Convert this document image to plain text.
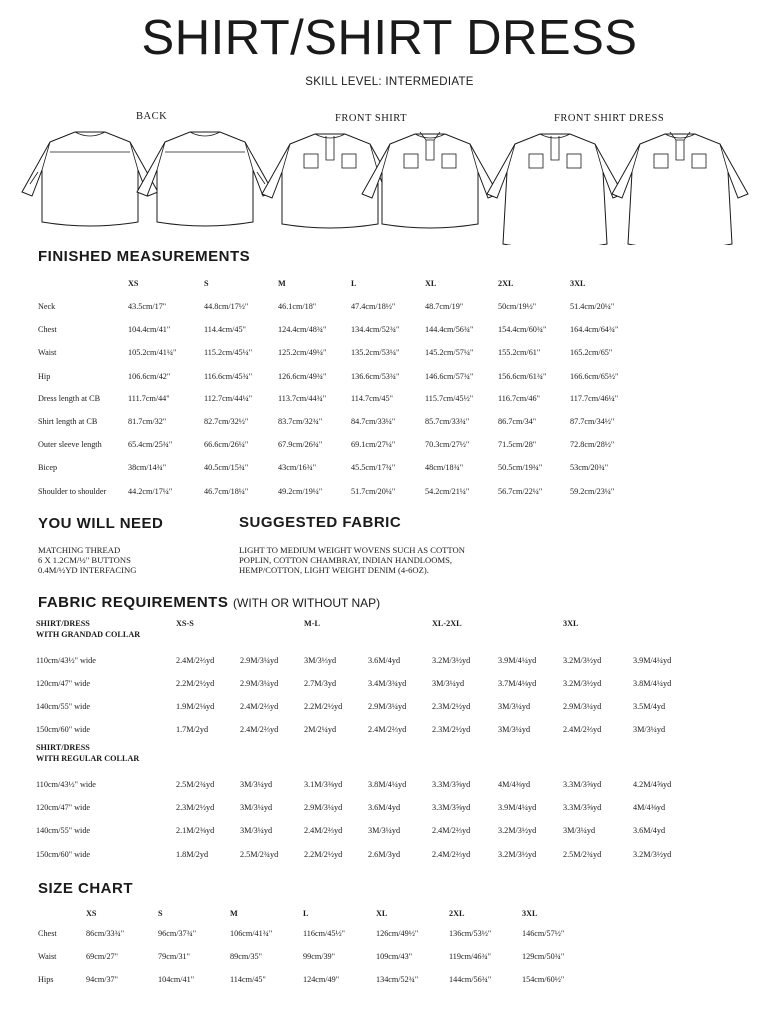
SHIRT/SHIRT DRESS
SKILL LEVEL: INTERMEDIATE
BACK	FRONT SHIRT	FRONT SHIRT DRESS
FINISHED MEASUREMENTS
XS	S	M	L	XL	2XL	3XL
Neck	43.5cm/17"	44.8cm/17½"	46.1cm/18"	47.4cm/18½"	48.7cm/19"	50cm/19½"	51.4cm/20¼"
Chest	104.4cm/41"	114.4cm/45"	124.4cm/48¾"	134.4cm/52¾"	144.4cm/56¾"	154.4cm/60¾"	164.4cm/64¾"
Waist	105.2cm/41¼"	115.2cm/45¼"	125.2cm/49¼"	135.2cm/53¼"	145.2cm/57¼"	155.2cm/61"	165.2cm/65"
Hip	106.6cm/42"	116.6cm/45¾"	126.6cm/49¾"	136.6cm/53¾"	146.6cm/57¾"	156.6cm/61¾"	166.6cm/65½"
Dress length at CB	111.7cm/44"	112.7cm/44¼"	113.7cm/44¾"	114.7cm/45"	115.7cm/45½"	116.7cm/46"	117.7cm/46¼"
Shirt length at CB	81.7cm/32"	82.7cm/32½"	83.7cm/32¾"	84.7cm/33¼"	85.7cm/33¾"	86.7cm/34"	87.7cm/34½"
Outer sleeve length	65.4cm/25¾"	66.6cm/26¼"	67.9cm/26¾"	69.1cm/27¼"	70.3cm/27½"	71.5cm/28"	72.8cm/28½"
Bicep	38cm/14¾"	40.5cm/15¾"	43cm/16¾"	45.5cm/17¾"	48cm/18¾"	50.5cm/19¾"	53cm/20¾"
Shoulder to shoulder	44.2cm/17¼"	46.7cm/18¼"	49.2cm/19¼"	51.7cm/20¼"	54.2cm/21¼"	56.7cm/22¼"	59.2cm/23¼"
YOU WILL NEED
MATCHING THREAD
6 X 1.2CM/½" BUTTONS
0.4M/½YD INTERFACING
SUGGESTED FABRIC
LIGHT TO MEDIUM WEIGHT WOVENS SUCH AS COTTON
POPLIN, COTTON CHAMBRAY, INDIAN HANDLOOMS,
HEMP/COTTON, LIGHT WEIGHT DENIM (4-6OZ).
FABRIC REQUIREMENTS (WITH OR WITHOUT NAP)
XS-S	M-L	XL-2XL	3XL
SHIRT/DRESS
WITH GRANDAD COLLAR
110cm/43½" wide	2.4M/2⅔yd	2.9M/3¼yd	3M/3⅓yd	3.6M/4yd	3.2M/3½yd	3.9M/4¼yd	3.2M/3½yd	3.9M/4¼yd
120cm/47" wide	2.2M/2½yd	2.9M/3¼yd	2.7M/3yd	3.4M/3¾yd	3M/3¼yd	3.7M/4⅛yd	3.2M/3½yd	3.8M/4¼yd
140cm/55" wide	1.9M/2⅛yd	2.4M/2⅔yd	2.2M/2½yd	2.9M/3¼yd	2.3M/2½yd	3M/3¼yd	2.9M/3¼yd	3.5M/4yd
150cm/60" wide	1.7M/2yd	2.4M/2⅔yd	2M/2¼yd	2.4M/2⅔yd	2.3M/2½yd	3M/3¼yd	2.4M/2⅔yd	3M/3¼yd
SHIRT/DRESS
WITH REGULAR COLLAR
110cm/43½" wide	2.5M/2¾yd	3M/3¼yd	3.1M/3⅜yd	3.8M/4¼yd	3.3M/3⅝yd	4M/4⅜yd	3.3M/3⅝yd	4.2M/4⅝yd
120cm/47" wide	2.3M/2½yd	3M/3¼yd	2.9M/3¼yd	3.6M/4yd	3.3M/3⅝yd	3.9M/4¼yd	3.3M/3⅝yd	4M/4⅜yd
140cm/55" wide	2.1M/2⅜yd	3M/3¼yd	2.4M/2⅔yd	3M/3¼yd	2.4M/2⅔yd	3.2M/3½yd	3M/3¼yd	3.6M/4yd
150cm/60" wide	1.8M/2yd	2.5M/2¾yd	2.2M/2½yd	2.6M/3yd	2.4M/2⅔yd	3.2M/3½yd	2.5M/2¾yd	3.2M/3½yd
SIZE CHART
XS	S	M	L	XL	2XL	3XL
Chest	86cm/33¾"	96cm/37¾"	106cm/41¾"	116cm/45½"	126cm/49½"	136cm/53½"	146cm/57½"
Waist	69cm/27"	79cm/31"	89cm/35"	99cm/39"	109cm/43"	119cm/46¾"	129cm/50¾"
Hips	94cm/37"	104cm/41"	114cm/45"	124cm/49"	134cm/52¾"	144cm/56¾"	154cm/60½"
